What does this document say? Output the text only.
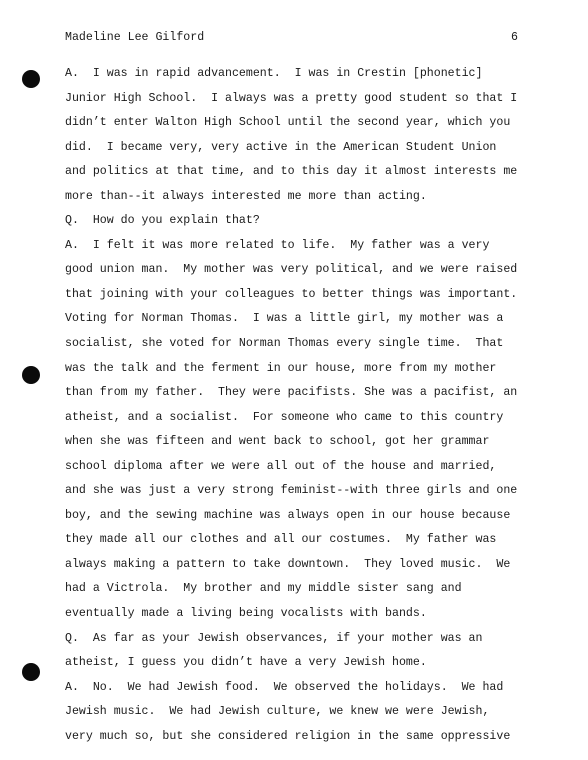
Madeline Lee Gilford	6
A.  I was in rapid advancement.  I was in Crestin [phonetic]
Junior High School.  I always was a pretty good student so that I
didn’t enter Walton High School until the second year, which you
did.  I became very, very active in the American Student Union
and politics at that time, and to this day it almost interests me
more than--it always interested me more than acting.
Q.  How do you explain that?
A.  I felt it was more related to life.  My father was a very
good union man.  My mother was very political, and we were raised
that joining with your colleagues to better things was important.
Voting for Norman Thomas.  I was a little girl, my mother was a
socialist, she voted for Norman Thomas every single time.  That
was the talk and the ferment in our house, more from my mother
than from my father.  They were pacifists. She was a pacifist, an
atheist, and a socialist.  For someone who came to this country
when she was fifteen and went back to school, got her grammar
school diploma after we were all out of the house and married,
and she was just a very strong feminist--with three girls and one
boy, and the sewing machine was always open in our house because
they made all our clothes and all our costumes.  My father was
always making a pattern to take downtown.  They loved music.  We
had a Victrola.  My brother and my middle sister sang and
eventually made a living being vocalists with bands.
Q.  As far as your Jewish observances, if your mother was an
atheist, I guess you didn’t have a very Jewish home.
A.  No.  We had Jewish food.  We observed the holidays.  We had
Jewish music.  We had Jewish culture, we knew we were Jewish,
very much so, but she considered religion in the same oppressive
